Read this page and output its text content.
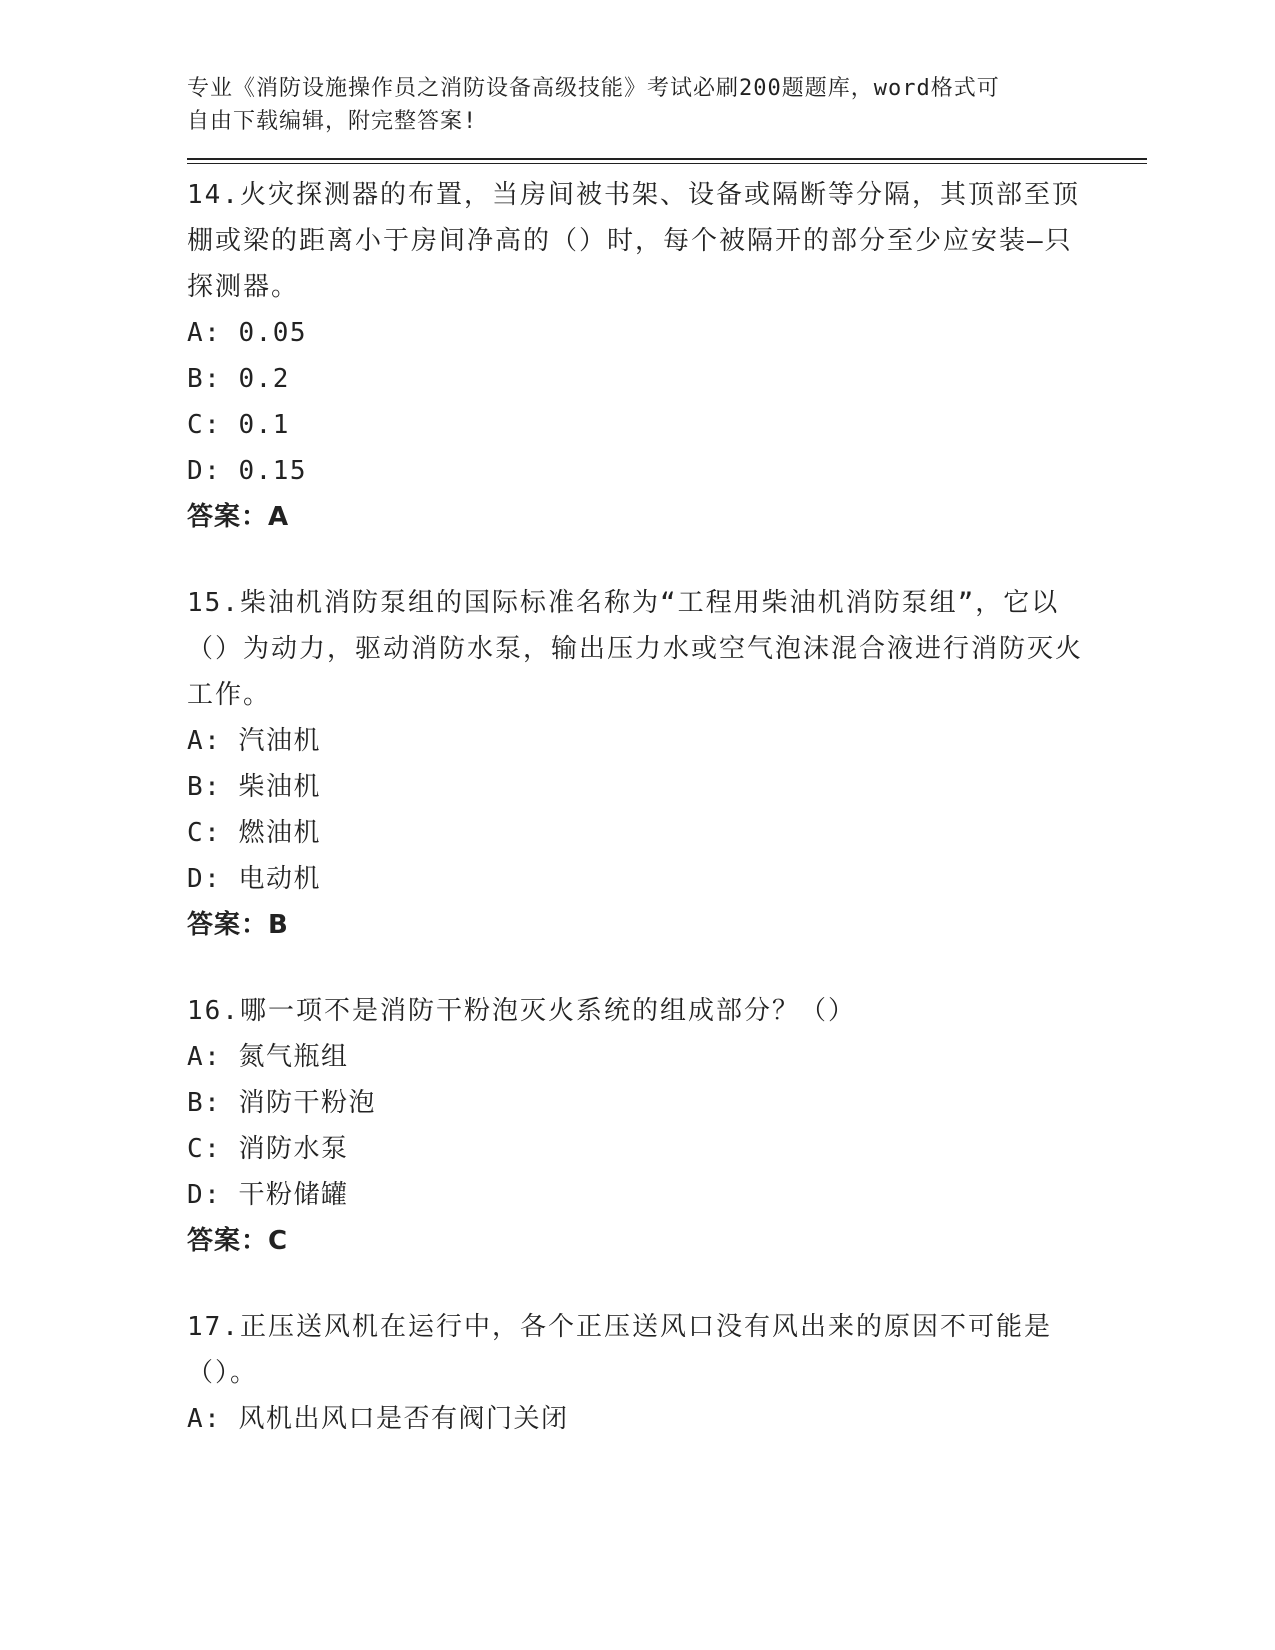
专业《消防设施操作员之消防设备高级技能》考试必刷200题题库，word格式可
自由下载编辑，附完整答案!
14.火灾探测器的布置，当房间被书架、设备或隔断等分隔，其顶部至顶棚或梁的距离小于房间净高的（）时，每个被隔开的部分至少应安装—只探测器。
A: 0.05
B: 0.2
C: 0.1
D: 0.15
答案：A
15.柴油机消防泵组的国际标准名称为“工程用柴油机消防泵组”，它以（）为动力，驱动消防水泵，输出压力水或空气泡沫混合液进行消防灭火工作。
A: 汽油机
B: 柴油机
C: 燃油机
D: 电动机
答案：B
16.哪一项不是消防干粉泡灭火系统的组成部分？（）
A: 氮气瓶组
B: 消防干粉泡
C: 消防水泵
D: 干粉储罐
答案：C
17.正压送风机在运行中，各个正压送风口没有风出来的原因不可能是（）。
A: 风机出风口是否有阀门关闭
